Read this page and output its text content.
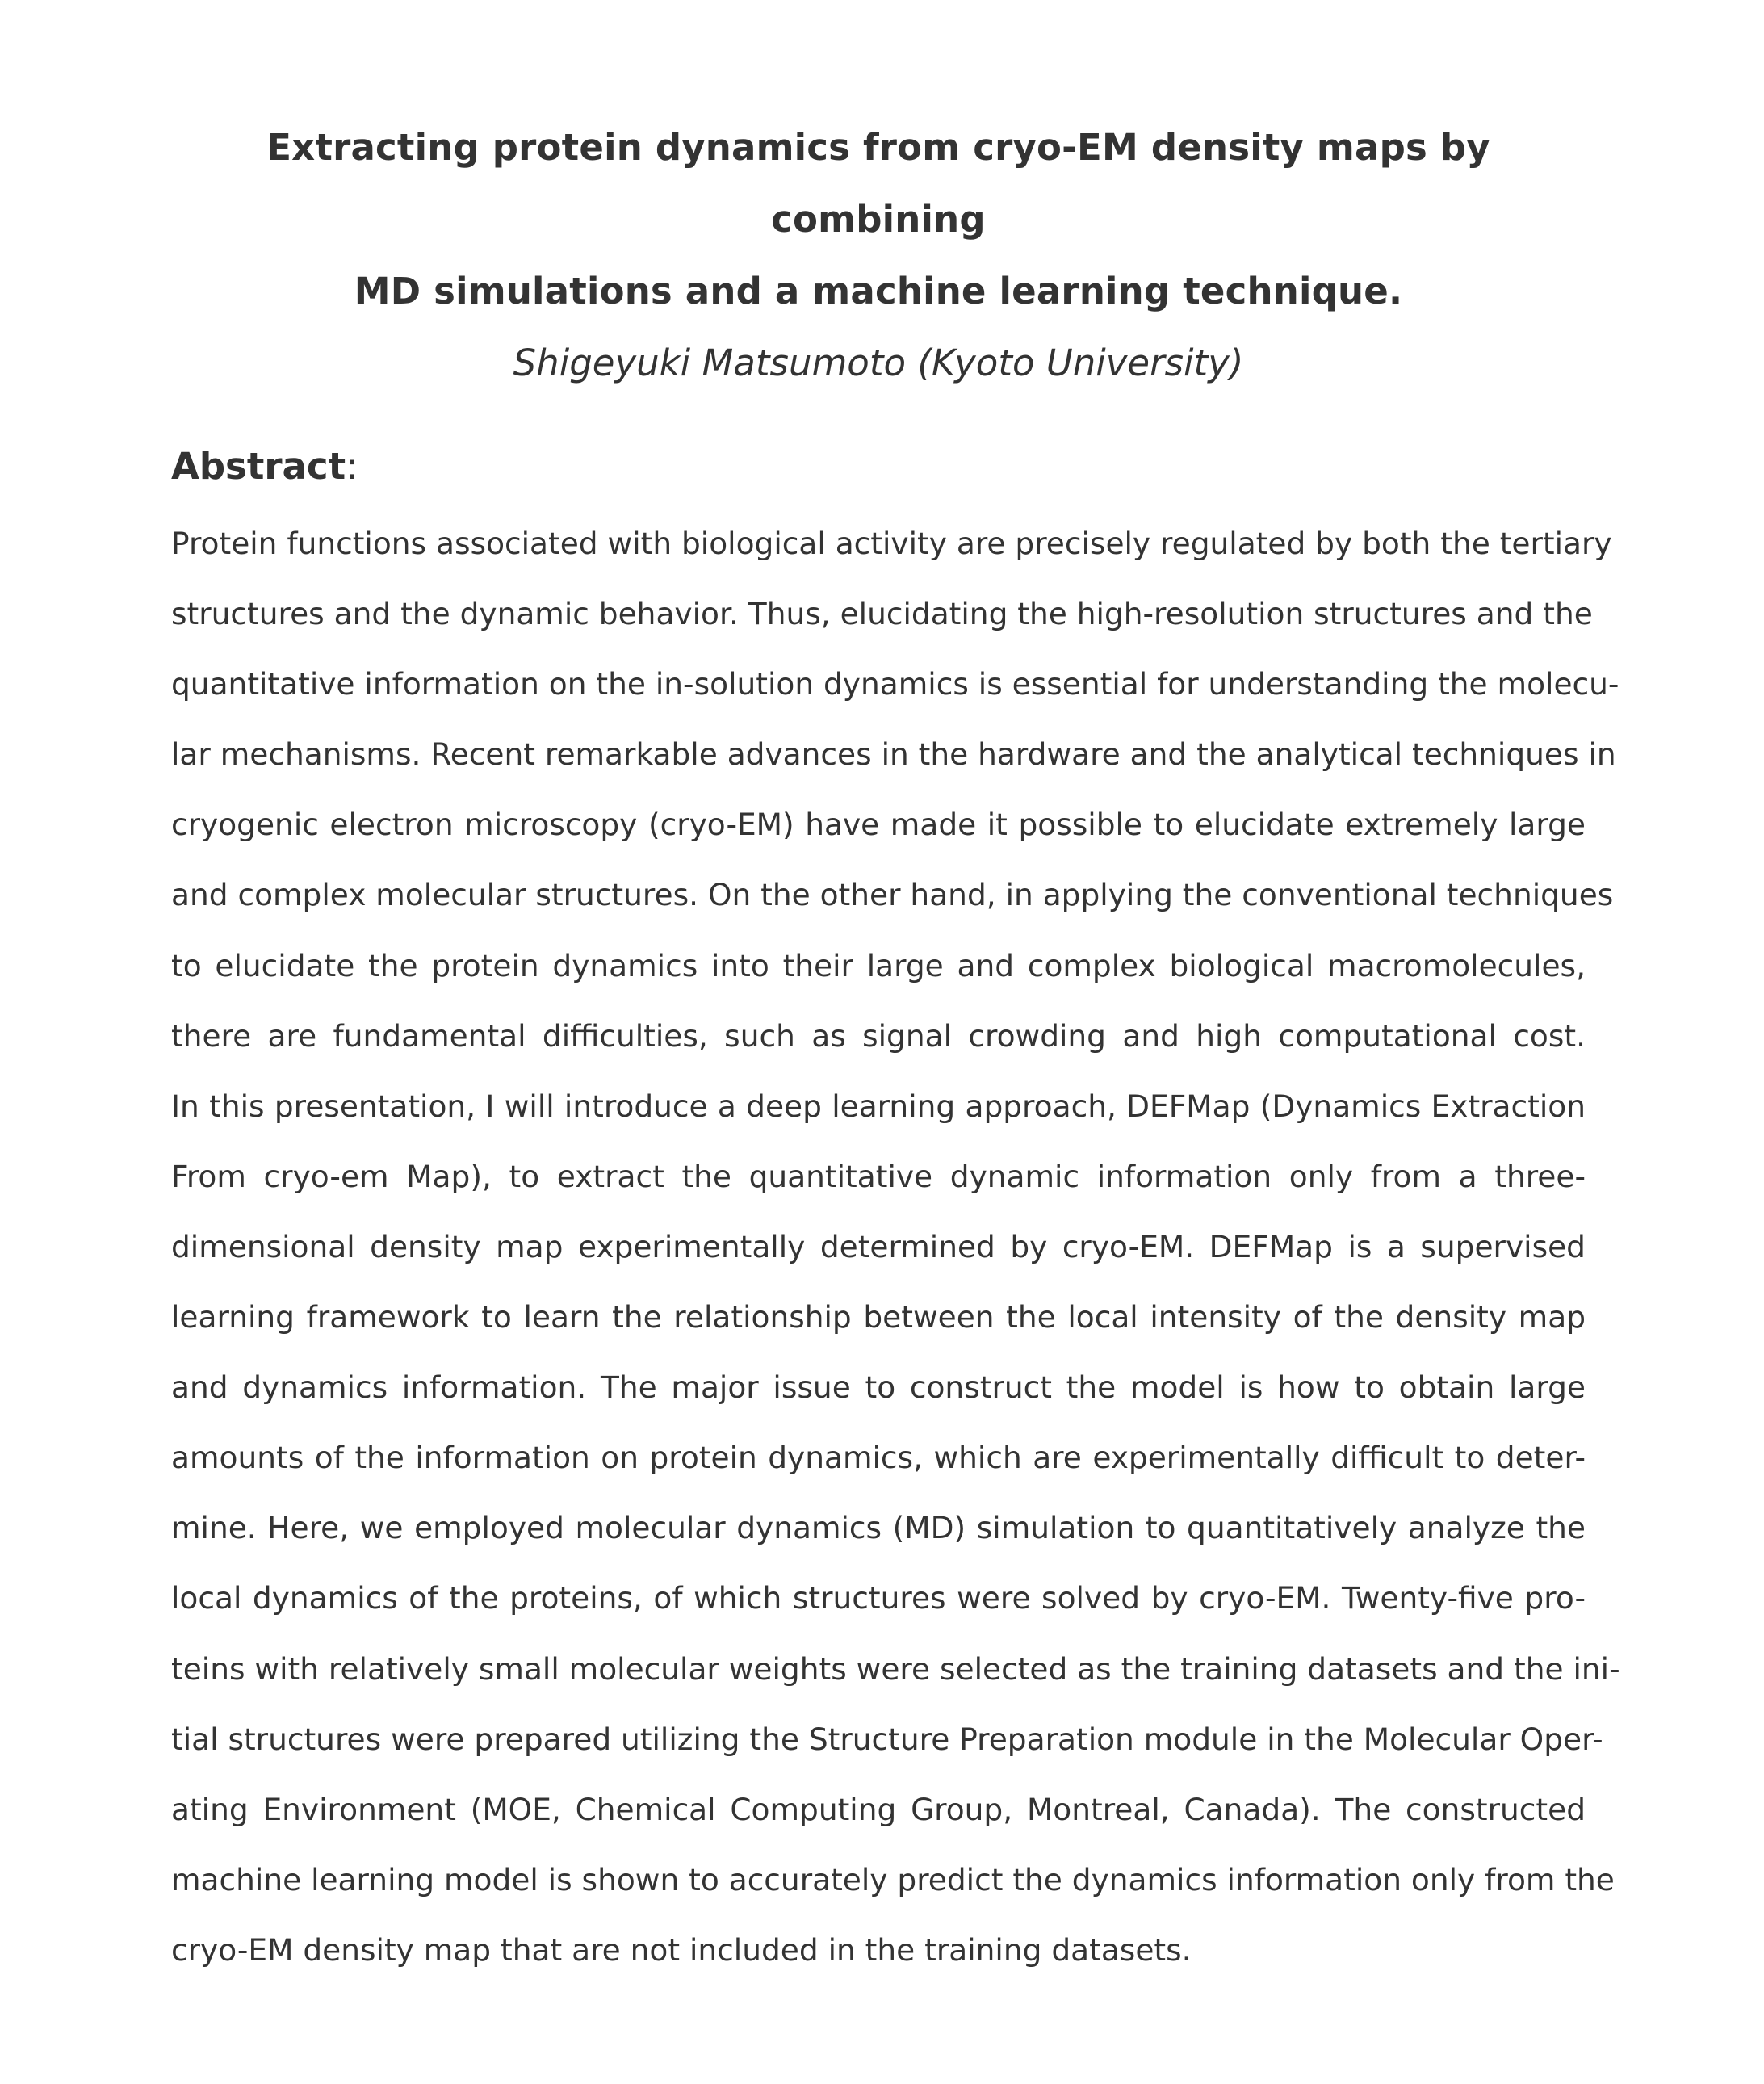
Extracting protein dynamics from cryo-EM density maps by combining
MD simulations and a machine learning technique.

Shigeyuki Matsumoto (Kyoto University)

Abstract:
Protein functions associated with biological activity are precisely regulated by both the tertiary
structures and the dynamic behavior. Thus, elucidating the high-resolution structures and the
quantitative information on the in-solution dynamics is essential for understanding the molecu-
lar mechanisms. Recent remarkable advances in the hardware and the analytical techniques in
cryogenic electron microscopy (cryo-EM) have made it possible to elucidate extremely large
and complex molecular structures. On the other hand, in applying the conventional techniques
to elucidate the protein dynamics into their large and complex biological macromolecules,
there are fundamental difficulties, such as signal crowding and high computational cost.
In this presentation, I will introduce a deep learning approach, DEFMap (Dynamics Extraction
From cryo-em Map), to extract the quantitative dynamic information only from a three-
dimensional density map experimentally determined by cryo-EM. DEFMap is a supervised
learning framework to learn the relationship between the local intensity of the density map
and dynamics information. The major issue to construct the model is how to obtain large
amounts of the information on protein dynamics, which are experimentally difficult to deter-
mine. Here, we employed molecular dynamics (MD) simulation to quantitatively analyze the
local dynamics of the proteins, of which structures were solved by cryo-EM. Twenty-five pro-
teins with relatively small molecular weights were selected as the training datasets and the ini-
tial structures were prepared utilizing the Structure Preparation module in the Molecular Oper-
ating Environment (MOE, Chemical Computing Group, Montreal, Canada). The constructed
machine learning model is shown to accurately predict the dynamics information only from the
cryo-EM density map that are not included in the training datasets.
